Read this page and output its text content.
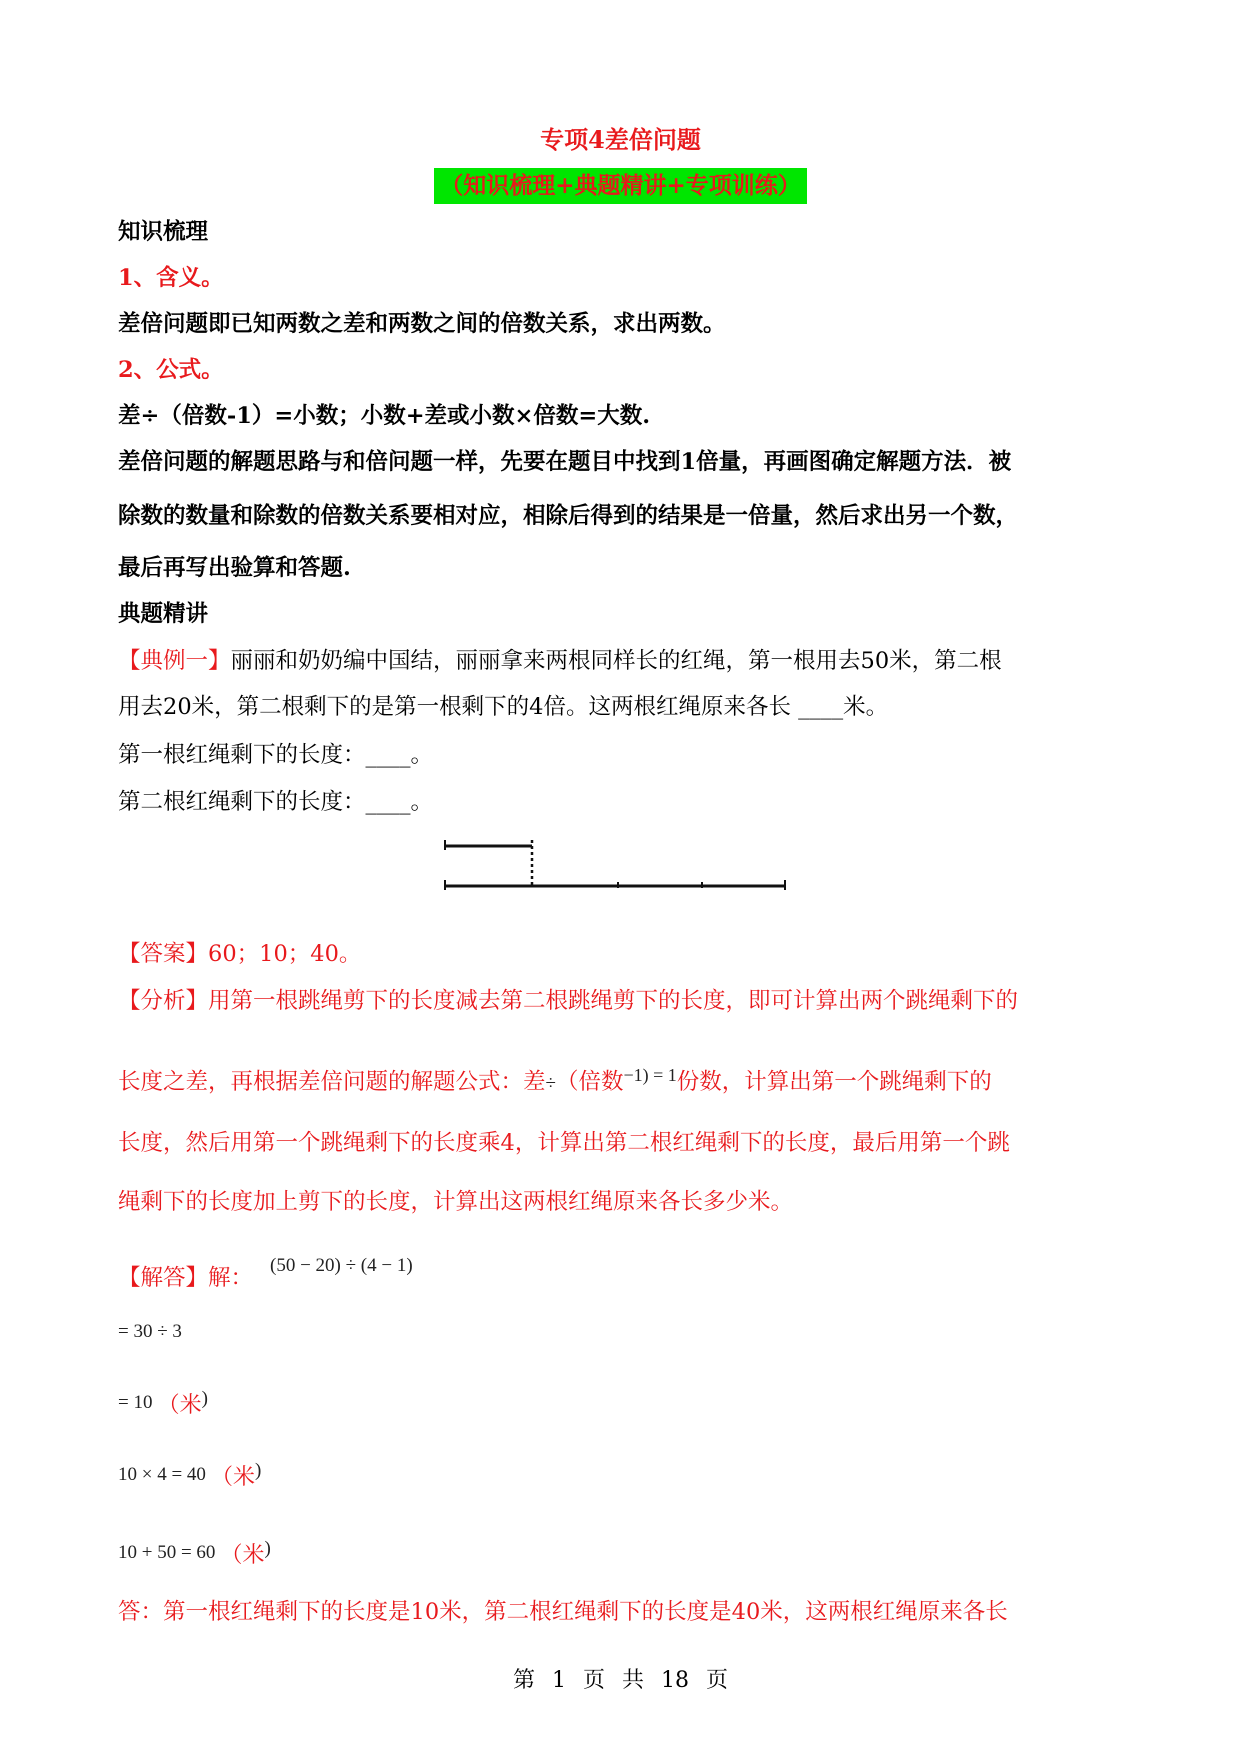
专项4差倍问题
（知识梳理+典题精讲+专项训练）
知识梳理
1、含义。
差倍问题即已知两数之差和两数之间的倍数关系，求出两数。
2、公式。
差÷（倍数-1）=小数；小数+差或小数×倍数=大数.
差倍问题的解题思路与和倍问题一样，先要在题目中找到1倍量，再画图确定解题方法．被
除数的数量和除数的倍数关系要相对应，相除后得到的结果是一倍量，然后求出另一个数，
最后再写出验算和答题.
典题精讲
【典例一】丽丽和奶奶编中国结，丽丽拿来两根同样长的红绳，第一根用去50米，第二根
用去20米，第二根剩下的是第一根剩下的4倍。这两根红绳原来各长 ____米。
第一根红绳剩下的长度：____。
第二根红绳剩下的长度：____。
【答案】60；10；40。
【分析】用第一根跳绳剪下的长度减去第二根跳绳剪下的长度，即可计算出两个跳绳剩下的
长度之差，再根据差倍问题的解题公式：差÷（倍数$^{-1) = 1}$份数，计算出第一个跳绳剩下的
长度，然后用第一个跳绳剩下的长度乘4，计算出第二根红绳剩下的长度，最后用第一个跳
绳剩下的长度加上剪下的长度，计算出这两根红绳原来各长多少米。
【解答】解： (50 − 20) ÷ (4 − 1)
= 30 ÷ 3
= 10 （米)
10 × 4 = 40 （米)
10 + 50 = 60 （米)
答：第一根红绳剩下的长度是10米，第二根红绳剩下的长度是40米，这两根红绳原来各长
第 1 页 共 18 页
